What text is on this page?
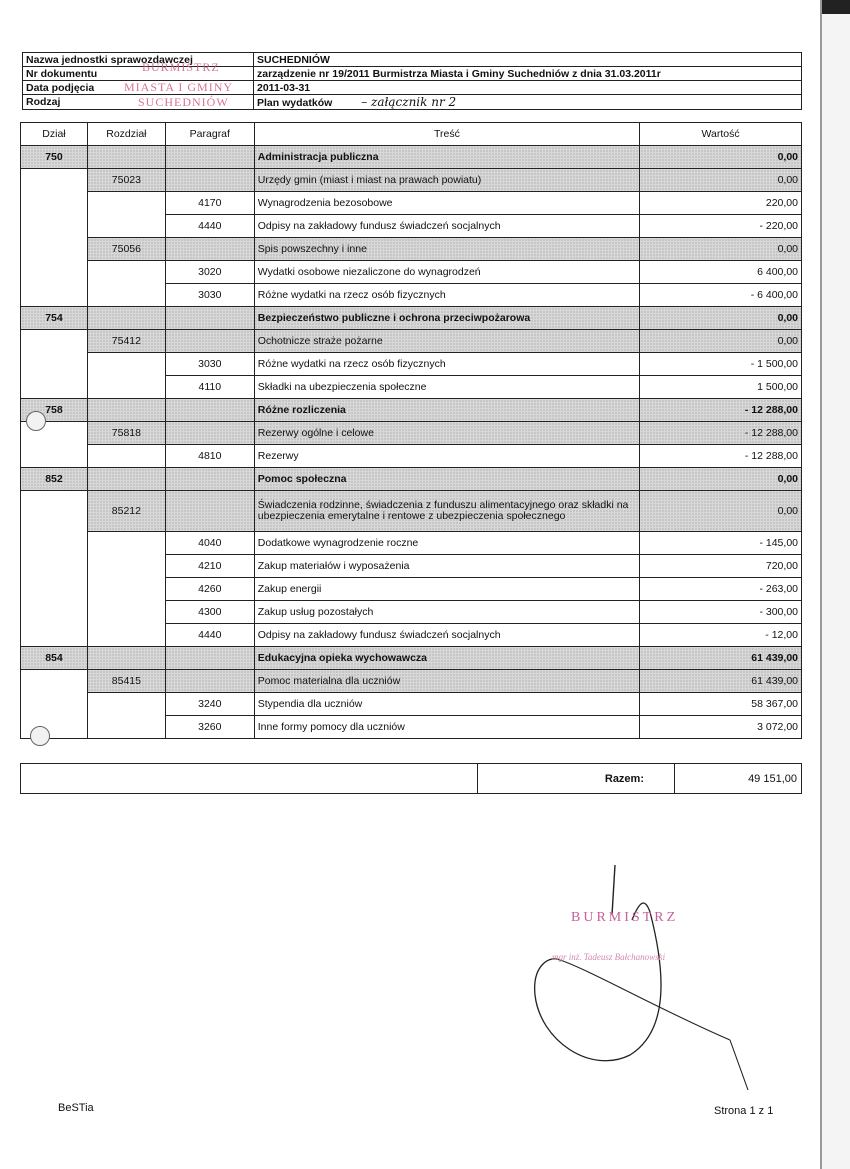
Nazwa jednostki sprawozdawczej	SUCHEDNIÓW
Nr dokumentu	zarządzenie nr 19/2011 Burmistrza Miasta i Gminy Suchedniów z dnia 31.03.2011r
Data podjęcia	2011-03-31
Rodzaj	Plan wydatków – załącznik nr 2
BURMISTRZ
MIASTA I GMINY
SUCHEDNIÓW
Dział	Rozdział	Paragraf	Treść	Wartość
750			Administracja publiczna	0,00
	75023		Urzędy gmin (miast i miast na prawach powiatu)	0,00
		4170	Wynagrodzenia bezosobowe	220,00
		4440	Odpisy na zakładowy fundusz świadczeń socjalnych	- 220,00
	75056		Spis powszechny i inne	0,00
		3020	Wydatki osobowe niezaliczone do wynagrodzeń	6 400,00
		3030	Różne wydatki na rzecz osób fizycznych	- 6 400,00
754			Bezpieczeństwo publiczne i ochrona przeciwpożarowa	0,00
	75412		Ochotnicze straże pożarne	0,00
		3030	Różne wydatki na rzecz osób fizycznych	- 1 500,00
		4110	Składki na ubezpieczenia społeczne	1 500,00
758			Różne rozliczenia	- 12 288,00
	75818		Rezerwy ogólne i celowe	- 12 288,00
		4810	Rezerwy	- 12 288,00
852			Pomoc społeczna	0,00
	85212		Świadczenia rodzinne, świadczenia z funduszu alimentacyjnego oraz składki na ubezpieczenia emerytalne i rentowe z ubezpieczenia społecznego	0,00
		4040	Dodatkowe wynagrodzenie roczne	- 145,00
		4210	Zakup materiałów i wyposażenia	720,00
		4260	Zakup energii	- 263,00
		4300	Zakup usług pozostałych	- 300,00
		4440	Odpisy na zakładowy fundusz świadczeń socjalnych	- 12,00
854			Edukacyjna opieka wychowawcza	61 439,00
	85415		Pomoc materialna dla uczniów	61 439,00
		3240	Stypendia dla uczniów	58 367,00
		3260	Inne formy pomocy dla uczniów	3 072,00
	Razem:	49 151,00
BURMISTRZ
mgr inż. Tadeusz Bałchanowski
BeSTia	Strona 1 z 1
